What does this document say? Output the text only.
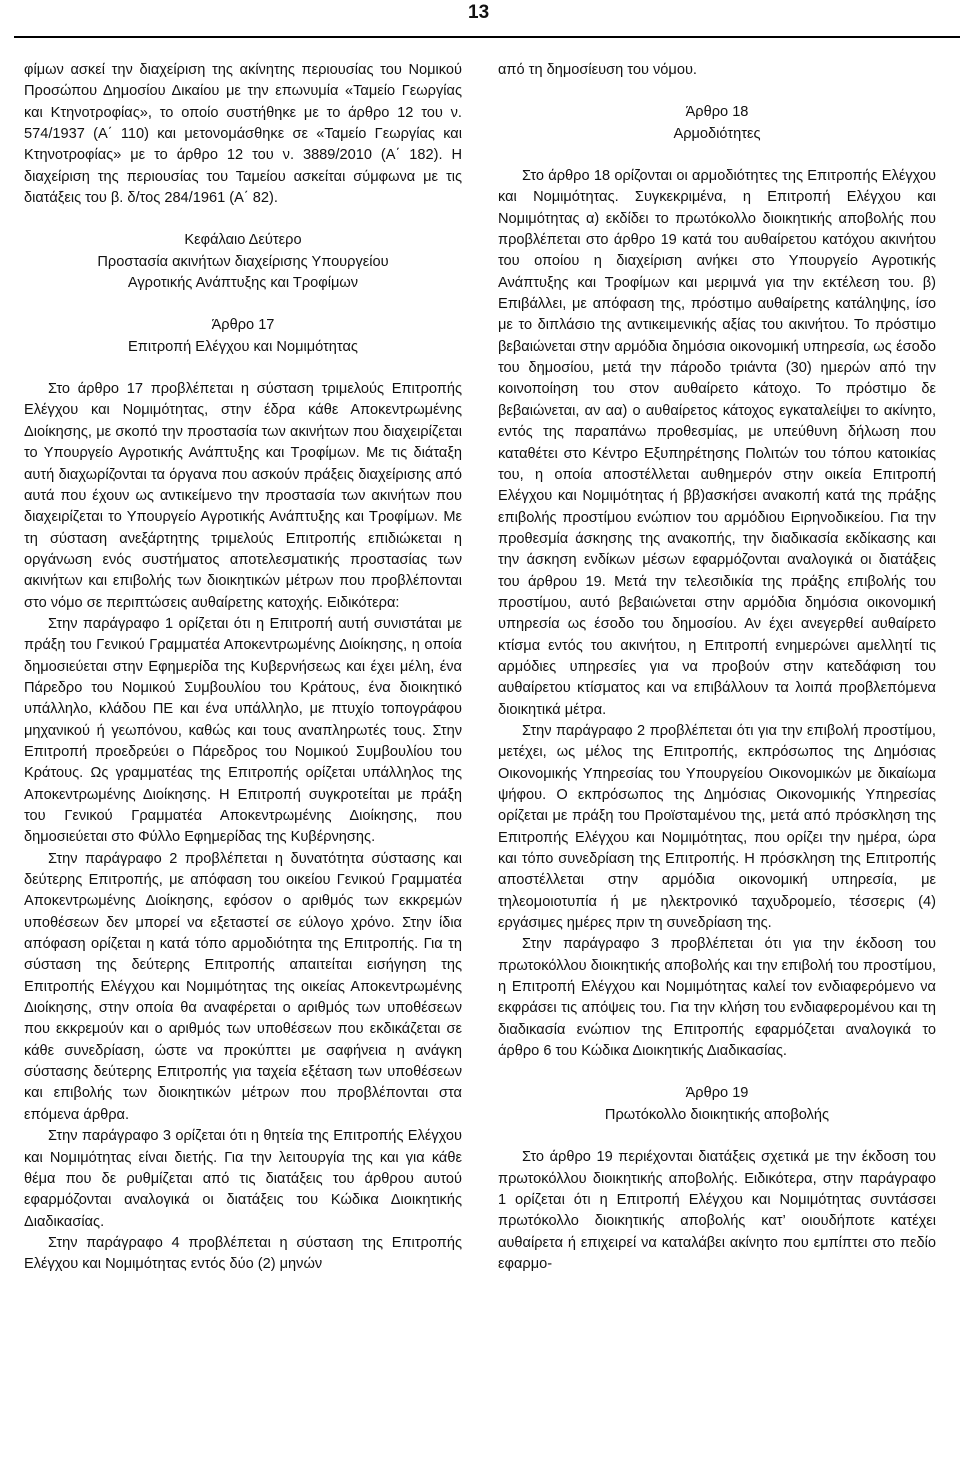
13

φίμων ασκεί την διαχείριση της ακίνητης περιουσίας του Νομικού Προσώπου Δημοσίου Δικαίου με την επωνυμία «Ταμείο Γεωργίας και Κτηνοτροφίας», το οποίο συστήθηκε με το άρθρο 12 του ν. 574/1937 (Α΄ 110) και μετονομάσθηκε σε «Ταμείο Γεωργίας και Κτηνοτροφίας» με το άρθρο 12 του ν. 3889/2010 (Α΄ 182). Η διαχείριση της περιουσίας του Ταμείου ασκείται σύμφωνα με τις διατάξεις του β. δ/τος 284/1961 (Α΄ 82).

Κεφάλαιο Δεύτερο

Προστασία ακινήτων διαχείρισης Υπουργείου

Αγροτικής Ανάπτυξης και Τροφίμων

Άρθρο 17

Επιτροπή Ελέγχου και Νομιμότητας

Στο άρθρο 17 προβλέπεται η σύσταση τριμελούς Επιτροπής Ελέγχου και Νομιμότητας, στην έδρα κάθε Αποκεντρωμένης Διοίκησης, με σκοπό την προστασία των ακινήτων που διαχειρίζεται το Υπουργείο Αγροτικής Ανάπτυξης και Τροφίμων. Με τις διάταξη αυτή διαχωρίζονται τα όργανα που ασκούν πράξεις διαχείρισης από αυτά που έχουν ως αντικείμενο την προστασία των ακινήτων που διαχειρίζεται το Υπουργείο Αγροτικής Ανάπτυξης και Τροφίμων. Με τη σύσταση ανεξάρτητης τριμελούς Επιτροπής επιδιώκεται η οργάνωση ενός συστήματος αποτελεσματικής προστασίας των ακινήτων και επιβολής των διοικητικών μέτρων που προβλέπονται στο νόμο σε περιπτώσεις αυθαίρετης κατοχής. Ειδικότερα:

Στην παράγραφο 1 ορίζεται ότι η Επιτροπή αυτή συνιστάται με πράξη του Γενικού Γραμματέα Αποκεντρωμένης Διοίκησης, η οποία δημοσιεύεται στην Εφημερίδα της Κυβερνήσεως και έχει μέλη, ένα Πάρεδρο του Νομικού Συμβουλίου του Κράτους, ένα διοικητικό υπάλληλο, κλάδου ΠΕ και ένα υπάλληλο, με πτυχίο τοπογράφου μηχανικού ή γεωπόνου, καθώς και τους αναπληρωτές τους. Στην Επιτροπή προεδρεύει ο Πάρεδρος του Νομικού Συμβουλίου του Κράτους. Ως γραμματέας της Επιτροπής ορίζεται υπάλληλος της Αποκεντρωμένης Διοίκησης. Η Επιτροπή συγκροτείται με πράξη του Γενικού Γραμματέα Αποκεντρωμένης Διοίκησης, που δημοσιεύεται στο Φύλλο Εφημερίδας της Κυβέρνησης.

Στην παράγραφο 2 προβλέπεται η δυνατότητα σύστασης και δεύτερης Επιτροπής, με απόφαση του οικείου Γενικού Γραμματέα Αποκεντρωμένης Διοίκησης, εφόσον ο αριθμός των εκκρεμών υποθέσεων δεν μπορεί να εξεταστεί σε εύλογο χρόνο. Στην ίδια απόφαση ορίζεται η κατά τόπο αρμοδιότητα της Επιτροπής. Για τη σύσταση της δεύτερης Επιτροπής απαιτείται εισήγηση της Επιτροπής Ελέγχου και Νομιμότητας της οικείας Αποκεντρωμένης Διοίκησης, στην οποία θα αναφέρεται ο αριθμός των υποθέσεων που εκκρεμούν και ο αριθμός των υποθέσεων που εκδικάζεται σε κάθε συνεδρίαση, ώστε να προκύπτει με σαφήνεια η ανάγκη σύστασης δεύτερης Επιτροπής για ταχεία εξέταση των υποθέσεων και επιβολής των διοικητικών μέτρων που προβλέπονται στα επόμενα άρθρα.

Στην παράγραφο 3 ορίζεται ότι η θητεία της Επιτροπής Ελέγχου και Νομιμότητας είναι διετής. Για την λειτουργία της και για κάθε θέμα που δε ρυθμίζεται από τις διατάξεις του άρθρου αυτού εφαρμόζονται αναλογικά οι διατάξεις του Κώδικα Διοικητικής Διαδικασίας.

Στην παράγραφο 4 προβλέπεται η σύσταση της Επιτροπής Ελέγχου και Νομιμότητας εντός δύο (2) μηνών

από τη δημοσίευση του νόμου.

Άρθρο 18

Αρμοδιότητες

Στο άρθρο 18 ορίζονται οι αρμοδιότητες της Επιτροπής Ελέγχου και Νομιμότητας. Συγκεκριμένα, η Επιτροπή Ελέγχου και Νομιμότητας α) εκδίδει το πρωτόκολλο διοικητικής αποβολής που προβλέπεται στο άρθρο 19 κατά του αυθαίρετου κατόχου ακινήτου του οποίου η διαχείριση ανήκει στο Υπουργείο Αγροτικής Ανάπτυξης και Τροφίμων και μεριμνά για την εκτέλεση του. β) Επιβάλλει, με απόφαση της, πρόστιμο αυθαίρετης κατάληψης, ίσο με το διπλάσιο της αντικειμενικής αξίας του ακινήτου. Το πρόστιμο βεβαιώνεται στην αρμόδια δημόσια οικονομική υπηρεσία, ως έσοδο του δημοσίου, μετά την πάροδο τριάντα (30) ημερών από την κοινοποίηση του στον αυθαίρετο κάτοχο. Το πρόστιμο δε βεβαιώνεται, αν αα) ο αυθαίρετος κάτοχος εγκαταλείψει το ακίνητο, εντός της παραπάνω προθεσμίας, με υπεύθυνη δήλωση που καταθέτει στο Κέντρο Εξυπηρέτησης Πολιτών του τόπου κατοικίας του, η οποία αποστέλλεται αυθημερόν στην οικεία Επιτροπή Ελέγχου και Νομιμότητας ή ββ)ασκήσει ανακοπή κατά της πράξης επιβολής προστίμου ενώπιον του αρμόδιου Ειρηνοδικείου. Για την προθεσμία άσκησης της ανακοπής, την διαδικασία εκδίκασης και την άσκηση ενδίκων μέσων εφαρμόζονται αναλογικά οι διατάξεις του άρθρου 19. Μετά την τελεσιδικία της πράξης επιβολής του προστίμου, αυτό βεβαιώνεται στην αρμόδια δημόσια οικονομική υπηρεσία ως έσοδο του δημοσίου. Αν έχει ανεγερθεί αυθαίρετο κτίσμα εντός του ακινήτου, η Επιτροπή ενημερώνει αμελλητί τις αρμόδιες υπηρεσίες για να προβούν στην κατεδάφιση του αυθαίρετου κτίσματος και να επιβάλλουν τα λοιπά προβλεπόμενα διοικητικά μέτρα.

Στην παράγραφο 2 προβλέπεται ότι για την επιβολή προστίμου, μετέχει, ως μέλος της Επιτροπής, εκπρόσωπος της Δημόσιας Οικονομικής Υπηρεσίας του Υπουργείου Οικονομικών με δικαίωμα ψήφου. Ο εκπρόσωπος της Δημόσιας Οικονομικής Υπηρεσίας ορίζεται με πράξη του Προϊσταμένου της, μετά από πρόσκληση της Επιτροπής Ελέγχου και Νομιμότητας, που ορίζει την ημέρα, ώρα και τόπο συνεδρίαση της Επιτροπής. Η πρόσκληση της Επιτροπής αποστέλλεται στην αρμόδια οικονομική υπηρεσία, με τηλεομοιοτυπία ή με ηλεκτρονικό ταχυδρομείο, τέσσερις (4) εργάσιμες ημέρες πριν τη συνεδρίαση της.

Στην παράγραφο 3 προβλέπεται ότι για την έκδοση του πρωτοκόλλου διοικητικής αποβολής και την επιβολή του προστίμου, η Επιτροπή Ελέγχου και Νομιμότητας καλεί τον ενδιαφερόμενο να εκφράσει τις απόψεις του. Για την κλήση του ενδιαφερομένου και τη διαδικασία ενώπιον της Επιτροπής εφαρμόζεται αναλογικά το άρθρο 6 του Κώδικα Διοικητικής Διαδικασίας.

Άρθρο 19

Πρωτόκολλο διοικητικής αποβολής

Στο άρθρο 19 περιέχονται διατάξεις σχετικά με την έκδοση του πρωτοκόλλου διοικητικής αποβολής. Ειδικότερα, στην παράγραφο 1 ορίζεται ότι η Επιτροπή Ελέγχου και Νομιμότητας συντάσσει πρωτόκολλο διοικητικής αποβολής κατ’ οιουδήποτε κατέχει αυθαίρετα ή επιχειρεί να καταλάβει ακίνητο που εμπίπτει στο πεδίο εφαρμο-
